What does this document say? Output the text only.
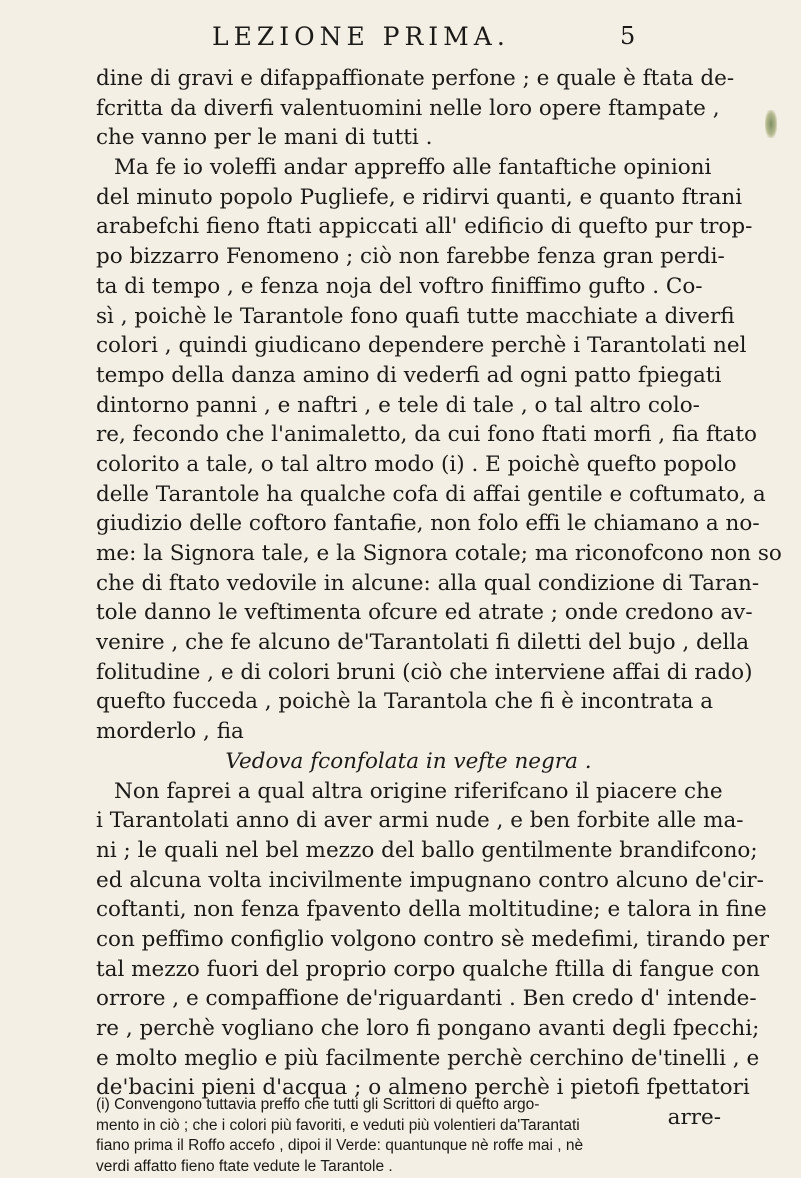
LEZIONE PRIMA.	5
dine di gravi e difappaffionate perfone ; e quale è ftata de-
fcritta da diverfi valentuomini nelle loro opere ftampate ,
che vanno per le mani di tutti .
Ma fe io voleffi andar appreffo alle fantaftiche opinioni
del minuto popolo Pugliefe, e ridirvi quanti, e quanto ftrani
arabefchi fieno ftati appiccati all' edificio di quefto pur trop-
po bizzarro Fenomeno ; ciò non farebbe fenza gran perdi-
ta di tempo , e fenza noja del voftro finiffimo gufto . Co-
sì , poichè le Tarantole fono quafi tutte macchiate a diverfi
colori , quindi giudicano dependere perchè i Tarantolati nel
tempo della danza amino di vederfi ad ogni patto fpiegati
dintorno panni , e naftri , e tele di tale , o tal altro colo-
re, fecondo che l'animaletto, da cui fono ftati morfi , fia ftato
colorito a tale, o tal altro modo (i) . E poichè quefto popolo
delle Tarantole ha qualche cofa di affai gentile e coftumato, a
giudizio delle coftoro fantafie, non folo effi le chiamano a no-
me: la Signora tale, e la Signora cotale; ma riconofcono non so
che di ftato vedovile in alcune: alla qual condizione di Taran-
tole danno le veftimenta ofcure ed atrate ; onde credono av-
venire , che fe alcuno de'Tarantolati fi diletti del bujo , della
folitudine , e di colori bruni (ciò che interviene affai di rado)
quefto fucceda , poichè la Tarantola che fi è incontrata a
morderlo , fia
Vedova fconfolata in vefte negra .
Non faprei a qual altra origine riferifcano il piacere che
i Tarantolati anno di aver armi nude , e ben forbite alle ma-
ni ; le quali nel bel mezzo del ballo gentilmente brandifcono;
ed alcuna volta incivilmente impugnano contro alcuno de'cir-
coftanti, non fenza fpavento della moltitudine; e talora in fine
con peffimo configlio volgono contro sè medefimi, tirando per
tal mezzo fuori del proprio corpo qualche ftilla di fangue con
orrore , e compaffione de'riguardanti . Ben credo d' intende-
re , perchè vogliano che loro fi pongano avanti degli fpecchi;
e molto meglio e più facilmente perchè cerchino de'tinelli , e
de'bacini pieni d'acqua ; o almeno perchè i pietofi fpettatori
arre-
(i) Convengono tuttavia preffo che tutti gli Scrittori di quefto argo-
mento in ciò ; che i colori più favoriti, e veduti più volentieri da'Tarantati
fiano prima il Roffo accefo , dipoi il Verde: quantunque nè roffe mai , nè
verdi affatto fieno ftate vedute le Tarantole .
